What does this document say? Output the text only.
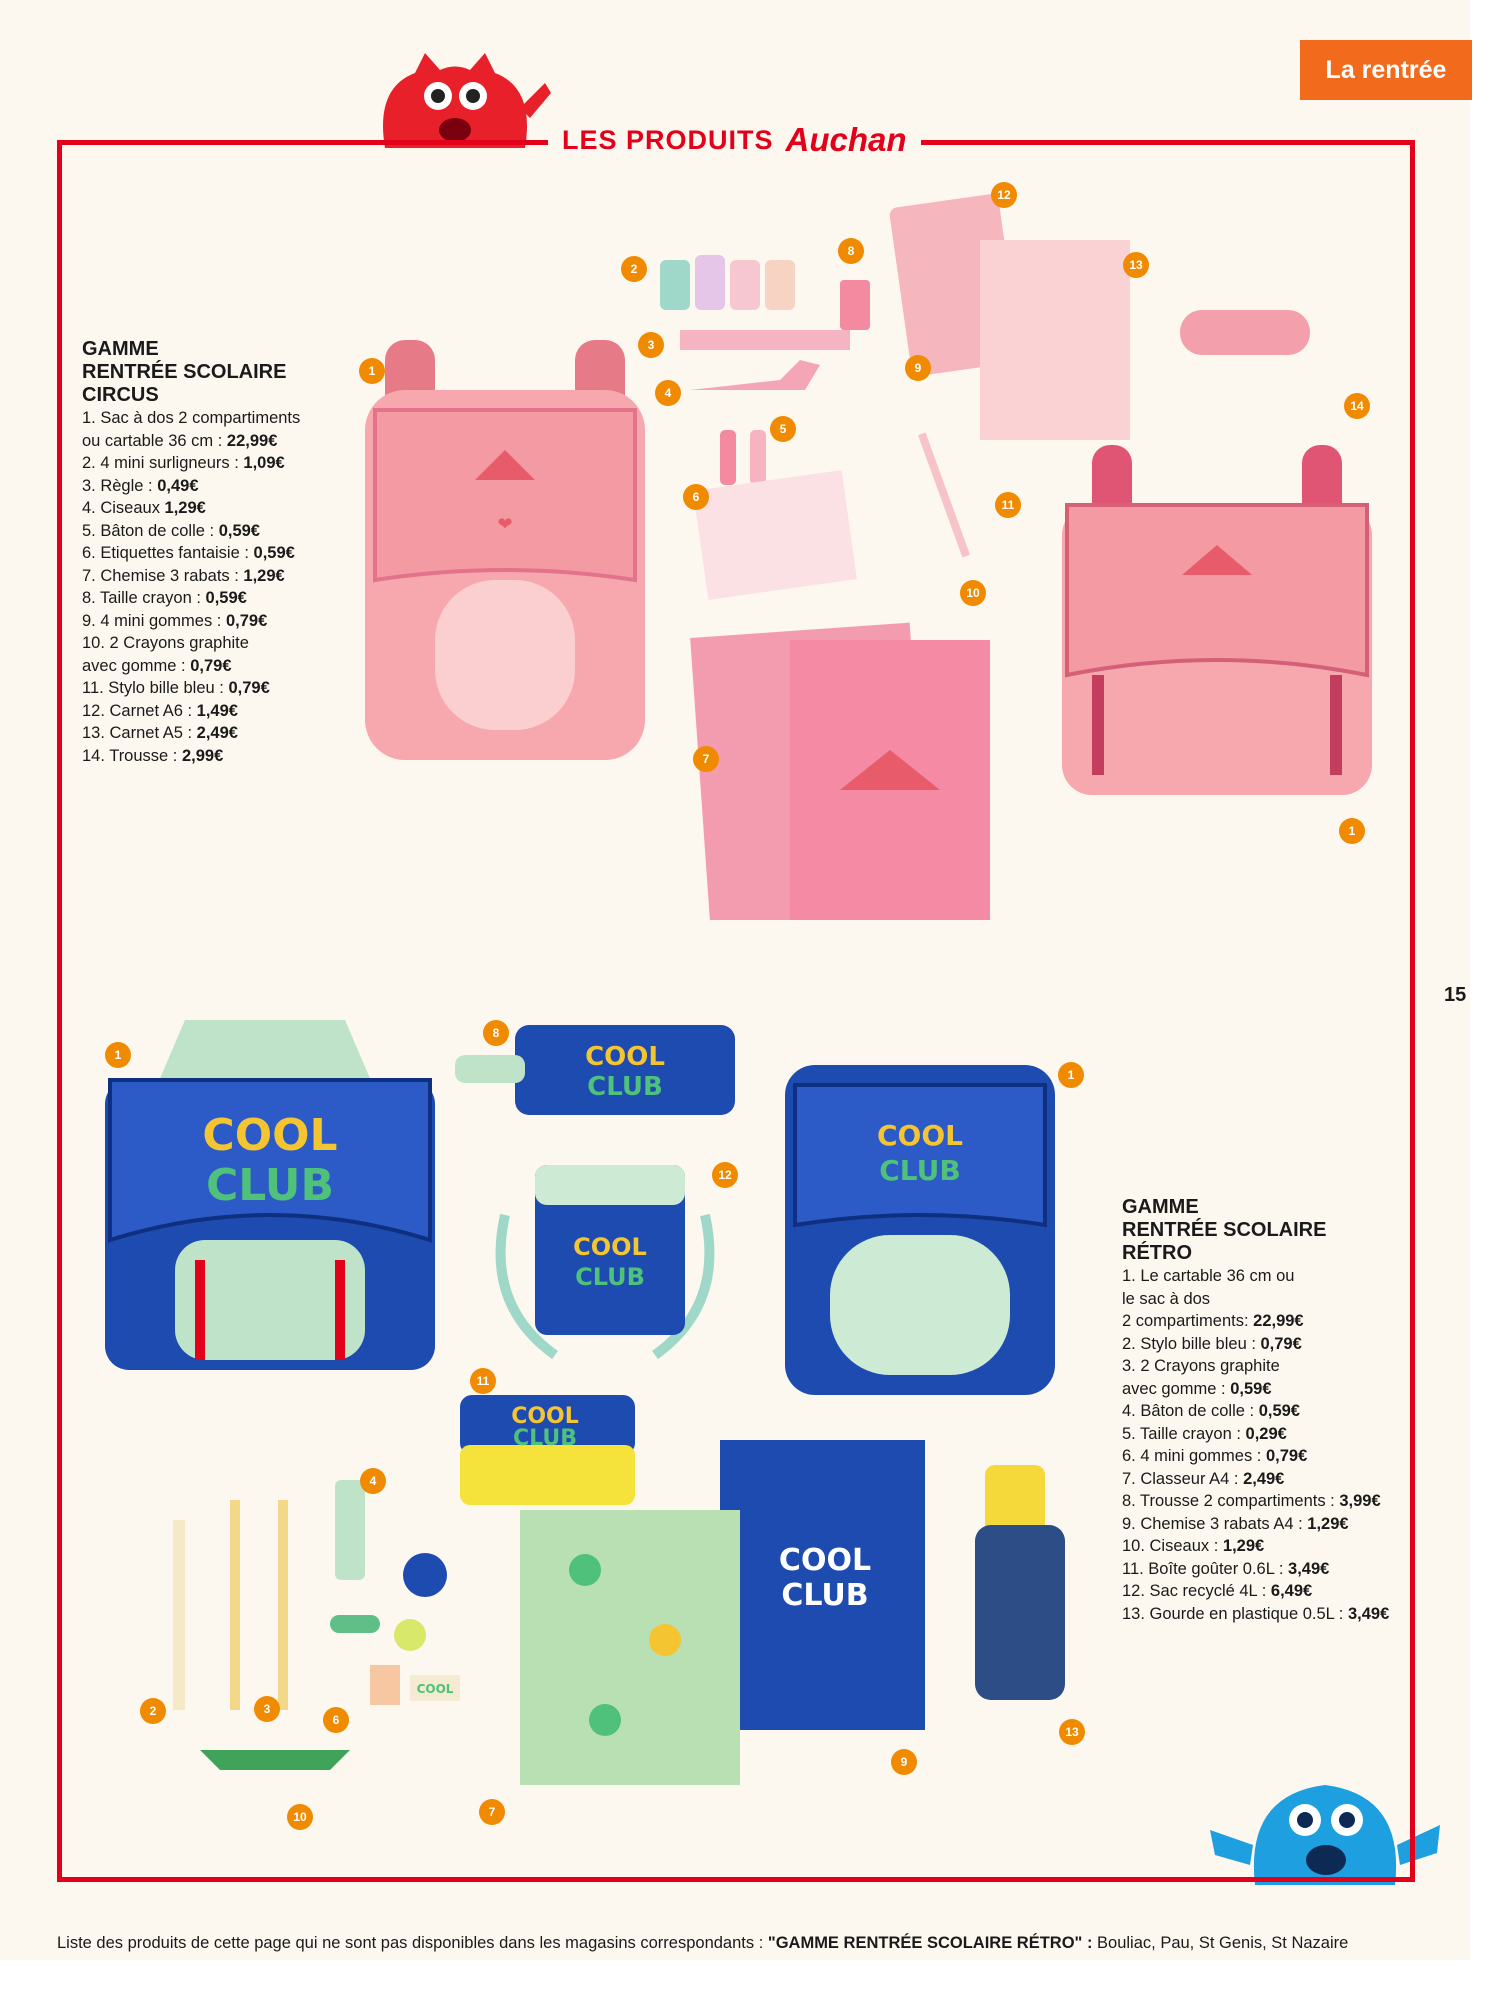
LES PRODUITS Auchan
La rentrée
15
GAMME
RENTRÉE SCOLAIRE
CIRCUS
1. Sac à dos 2 compartiments
ou cartable 36 cm : 22,99€
2. 4 mini surligneurs : 1,09€
3. Règle : 0,49€
4. Ciseaux 1,29€
5. Bâton de colle : 0,59€
6. Etiquettes fantaisie : 0,59€
7. Chemise 3 rabats : 1,29€
8. Taille crayon : 0,59€
9. 4 mini gommes : 0,79€
10. 2 Crayons graphite
avec gomme : 0,79€
11. Stylo bille bleu : 0,79€
12. Carnet A6 : 1,49€
13. Carnet A5 : 2,49€
14. Trousse : 2,99€
GAMME
RENTRÉE SCOLAIRE
RÉTRO
1. Le cartable 36 cm ou
le sac à dos
2 compartiments: 22,99€
2. Stylo bille bleu : 0,79€
3. 2 Crayons graphite
avec gomme : 0,59€
4. Bâton de colle : 0,59€
5. Taille crayon : 0,29€
6. 4 mini gommes : 0,79€
7. Classeur A4 : 2,49€
8. Trousse 2 compartiments : 3,99€
9. Chemise 3 rabats A4 : 1,29€
10. Ciseaux : 1,29€
11. Boîte goûter 0.6L : 3,49€
12. Sac recyclé 4L : 6,49€
13. Gourde en plastique 0.5L : 3,49€
❤
COOL
CLUB
COOL
CLUB
COOL
CLUB
COOL
CLUB
COOL
CLUB
COOL
CLUB
COOL
1
2
3
4
5
6
7
8
9
10
11
12
13
14
1
1
8
1
12
11
4
2	3
6
10	7
9
13
Liste des produits de cette page qui ne sont pas disponibles dans les magasins correspondants : "GAMME RENTRÉE SCOLAIRE RÉTRO" : Bouliac, Pau, St Genis, St Nazaire
